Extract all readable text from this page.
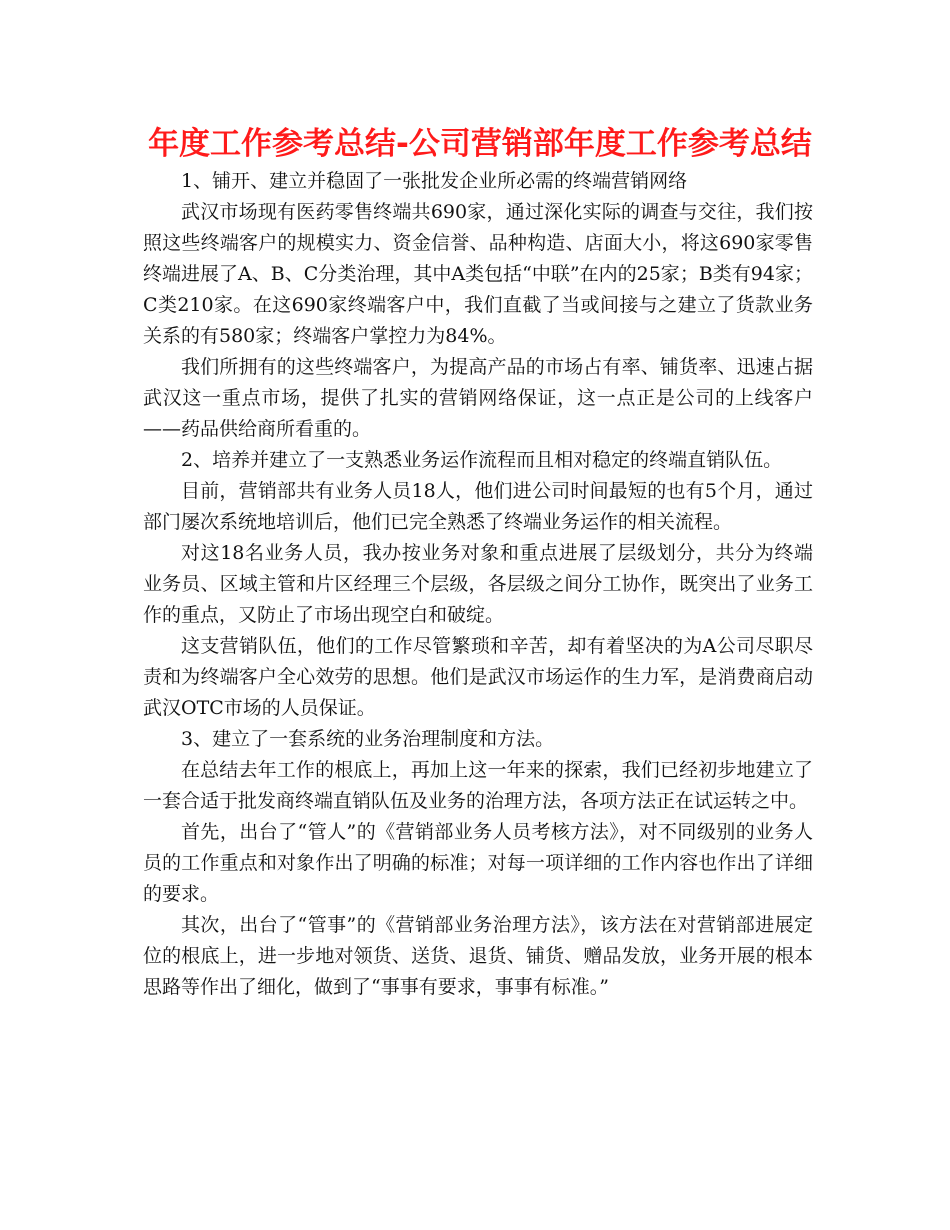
年度工作参考总结-公司营销部年度工作参考总结

1、铺开、建立并稳固了一张批发企业所必需的终端营销网络

武汉市场现有医药零售终端共690家，通过深化实际的调查与交往，我们按照这些终端客户的规模实力、资金信誉、品种构造、店面大小，将这690家零售终端进展了A、B、C分类治理，其中A类包括“中联”在内的25家；B类有94家；C类210家。在这690家终端客户中，我们直截了当或间接与之建立了货款业务关系的有580家；终端客户掌控力为84%。

我们所拥有的这些终端客户，为提高产品的市场占有率、铺货率、迅速占据武汉这一重点市场，提供了扎实的营销网络保证，这一点正是公司的上线客户——药品供给商所看重的。

2、培养并建立了一支熟悉业务运作流程而且相对稳定的终端直销队伍。

目前，营销部共有业务人员18人，他们进公司时间最短的也有5个月，通过部门屡次系统地培训后，他们已完全熟悉了终端业务运作的相关流程。

对这18名业务人员，我办按业务对象和重点进展了层级划分，共分为终端业务员、区域主管和片区经理三个层级，各层级之间分工协作，既突出了业务工作的重点，又防止了市场出现空白和破绽。

这支营销队伍，他们的工作尽管繁琐和辛苦，却有着坚决的为A公司尽职尽责和为终端客户全心效劳的思想。他们是武汉市场运作的生力军，是消费商启动武汉OTC市场的人员保证。

3、建立了一套系统的业务治理制度和方法。

在总结去年工作的根底上，再加上这一年来的探索，我们已经初步地建立了一套合适于批发商终端直销队伍及业务的治理方法，各项方法正在试运转之中。

首先，出台了“管人”的《营销部业务人员考核方法》，对不同级别的业务人员的工作重点和对象作出了明确的标准；对每一项详细的工作内容也作出了详细的要求。

其次，出台了“管事”的《营销部业务治理方法》，该方法在对营销部进展定位的根底上，进一步地对领货、送货、退货、铺货、赠品发放，业务开展的根本思路等作出了细化，做到了“事事有要求，事事有标准。”
